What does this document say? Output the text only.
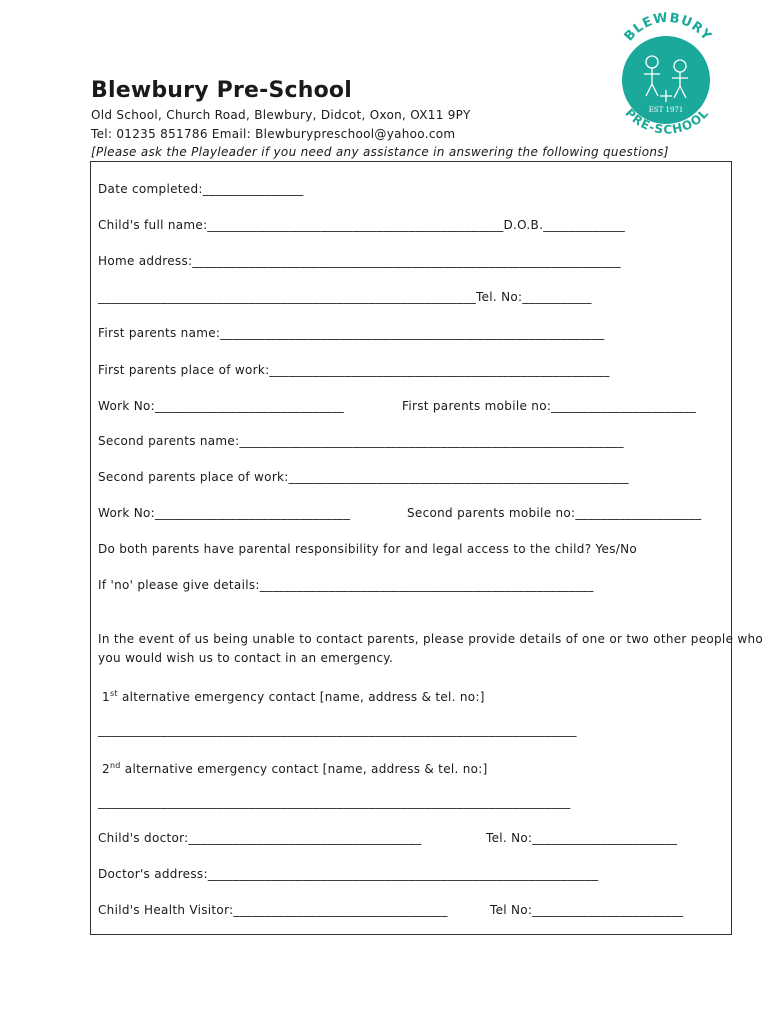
Blewbury Pre-School
Old School, Church Road, Blewbury, Didcot, Oxon, OX11 9PY
Tel: 01235 851786 Email: Blewburypreschool@yahoo.com
[Please ask the Playleader if you need any assistance in answering the following questions]
BLEWBURY
PRE-SCHOOL
EST 1971
Date completed:________________
Child's full name:_______________________________________________D.O.B._____________
Home address:____________________________________________________________________
____________________________________________________________Tel. No:___________
First parents name:_____________________________________________________________
First parents place of work:______________________________________________________
Work No:______________________________	First parents mobile no:_______________________
Second parents name:_____________________________________________________________
Second parents place of work:______________________________________________________
Work No:_______________________________	Second parents mobile no:____________________
Do both parents have parental responsibility for and legal access to the child? Yes/No
If 'no' please give details:_____________________________________________________
In the event of us being unable to contact parents, please provide details of one or two other people who
you would wish us to contact in an emergency.
1st alternative emergency contact [name, address & tel. no:]
____________________________________________________________________________
2nd alternative emergency contact [name, address & tel. no:]
___________________________________________________________________________
Child's doctor:_____________________________________	Tel. No:_______________________
Doctor's address:______________________________________________________________
Child's Health Visitor:__________________________________	Tel No:________________________
